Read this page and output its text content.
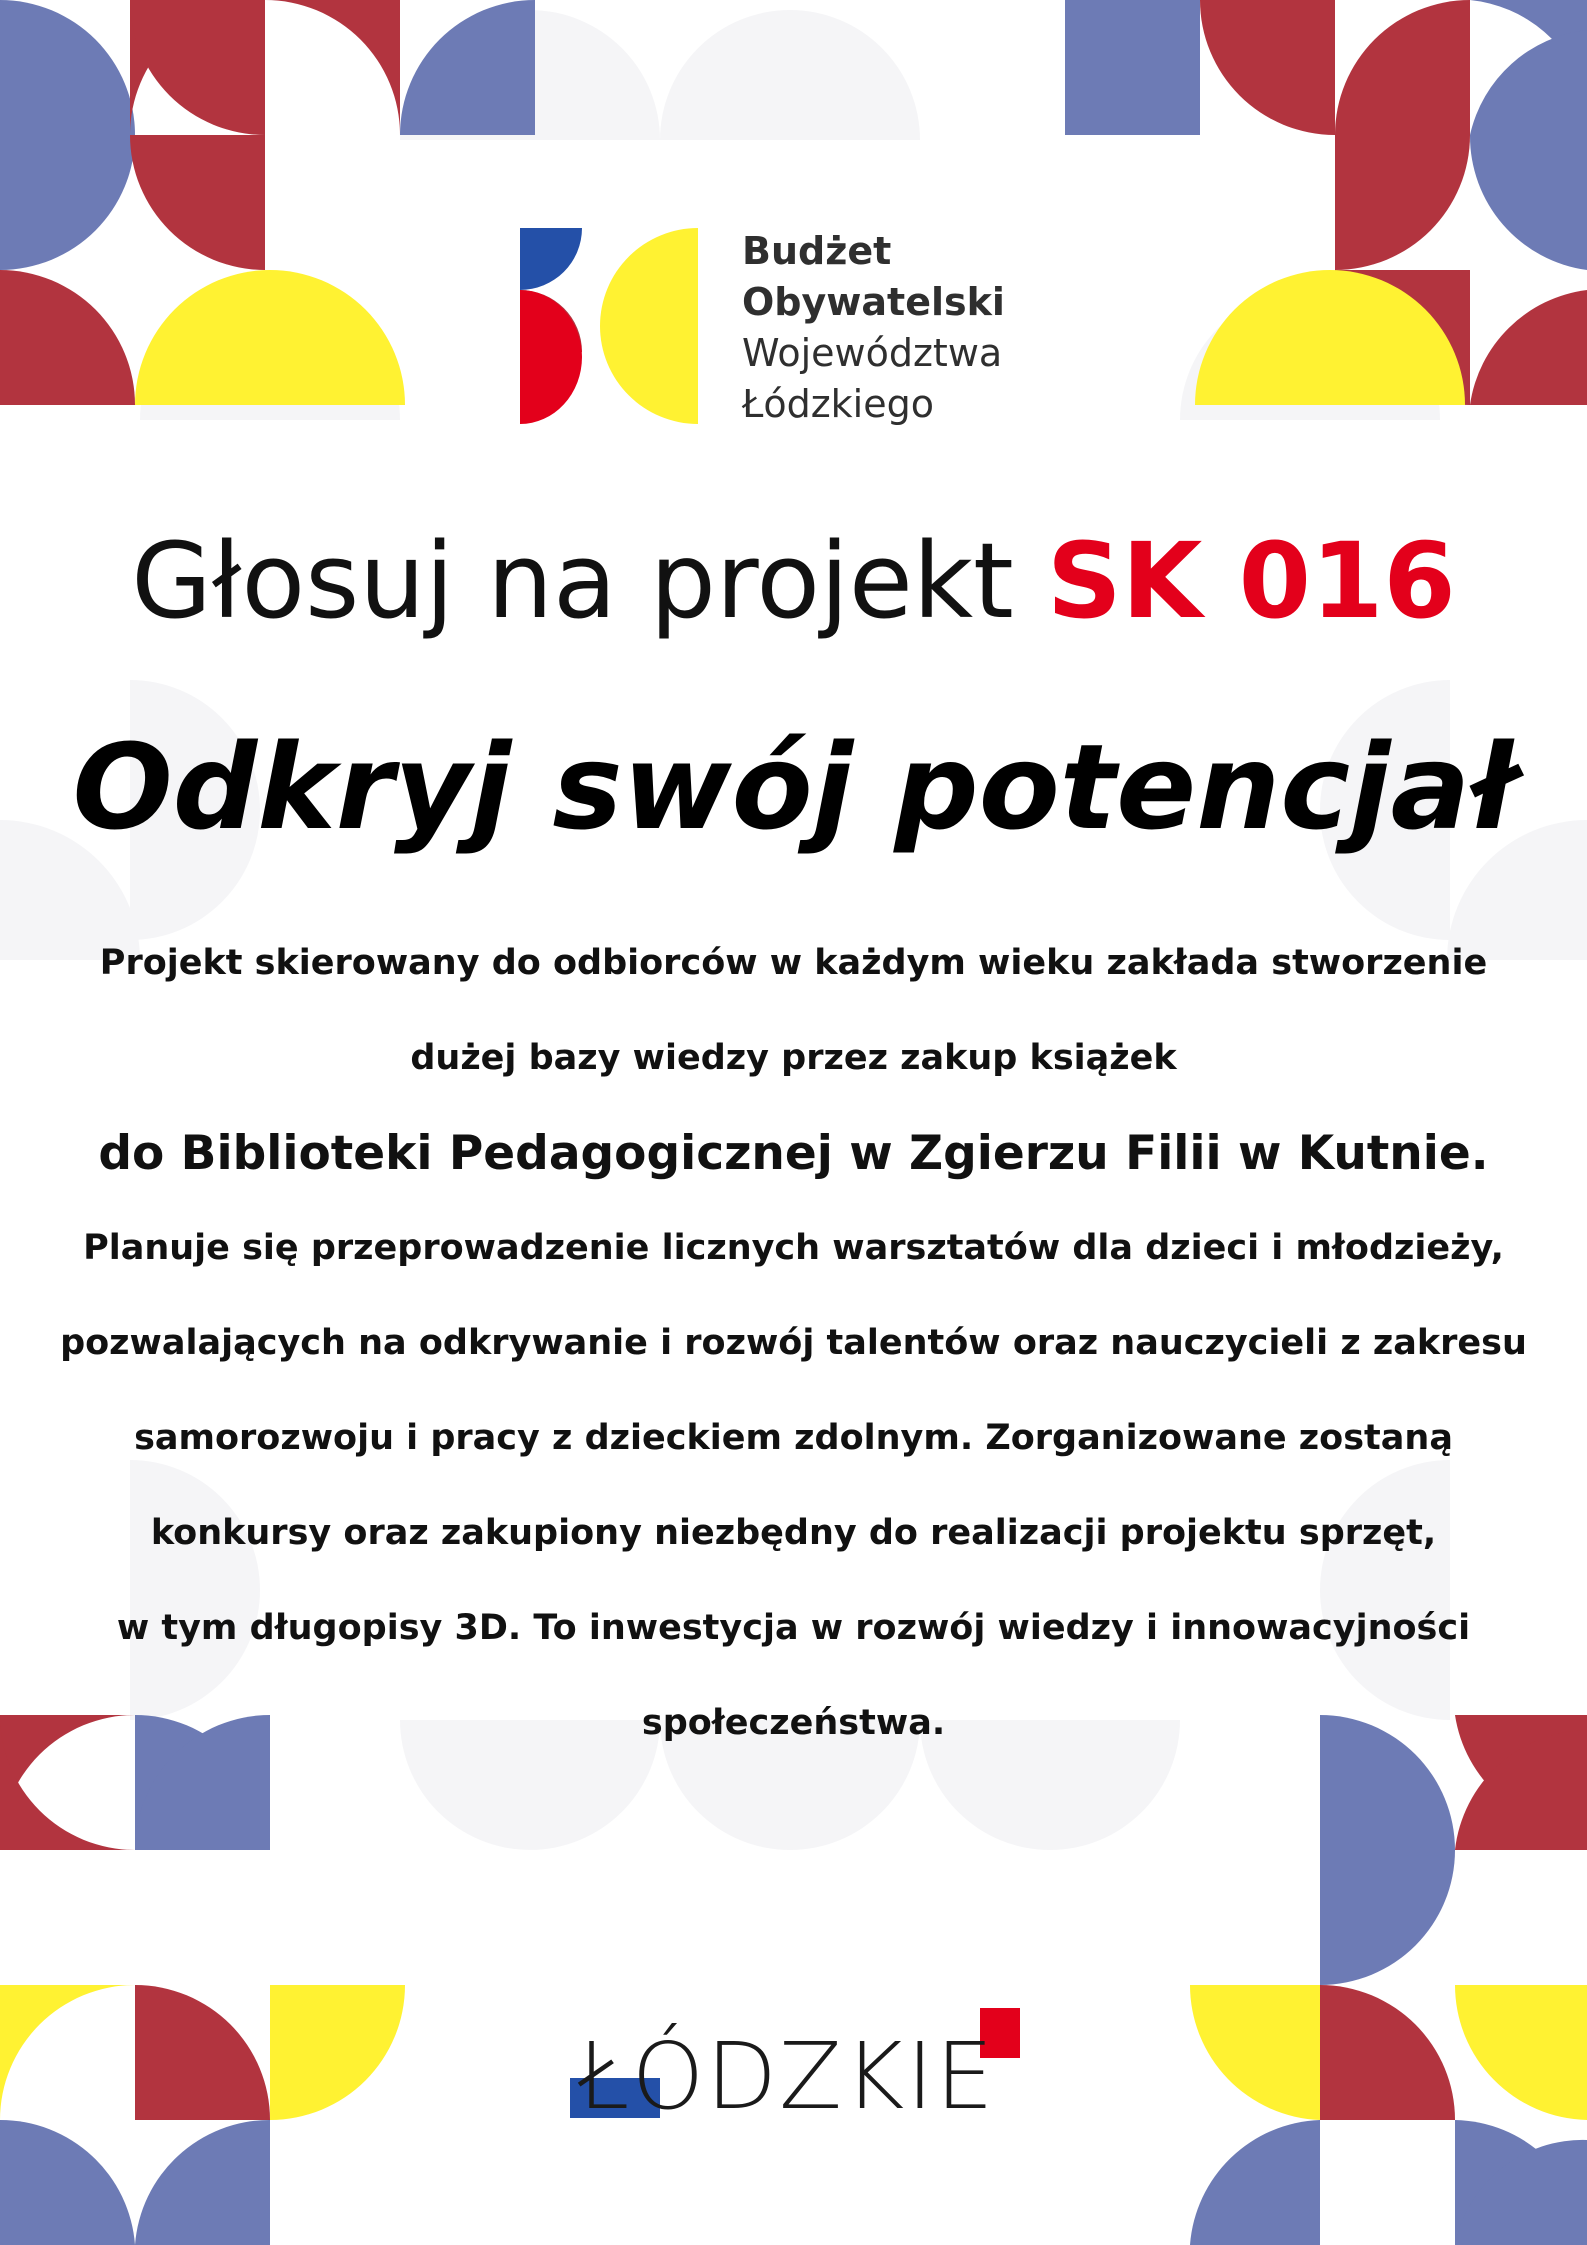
Budżet
Obywatelski
Województwa
Łódzkiego
Głosuj na projekt SK 016
Odkryj swój potencjał
Projekt skierowany do odbiorców w każdym wieku zakłada stworzenie
dużej bazy wiedzy przez zakup książek
do Biblioteki Pedagogicznej w Zgierzu Filii w Kutnie.
Planuje się przeprowadzenie licznych warsztatów dla dzieci i młodzieży,
pozwalających na odkrywanie i rozwój talentów oraz nauczycieli z zakresu
samorozwoju i pracy z dzieckiem zdolnym. Zorganizowane zostaną
konkursy oraz zakupiony niezbędny do realizacji projektu sprzęt,
w tym długopisy 3D. To inwestycja w rozwój wiedzy i innowacyjności
społeczeństwa.
ŁÓDZKIE
